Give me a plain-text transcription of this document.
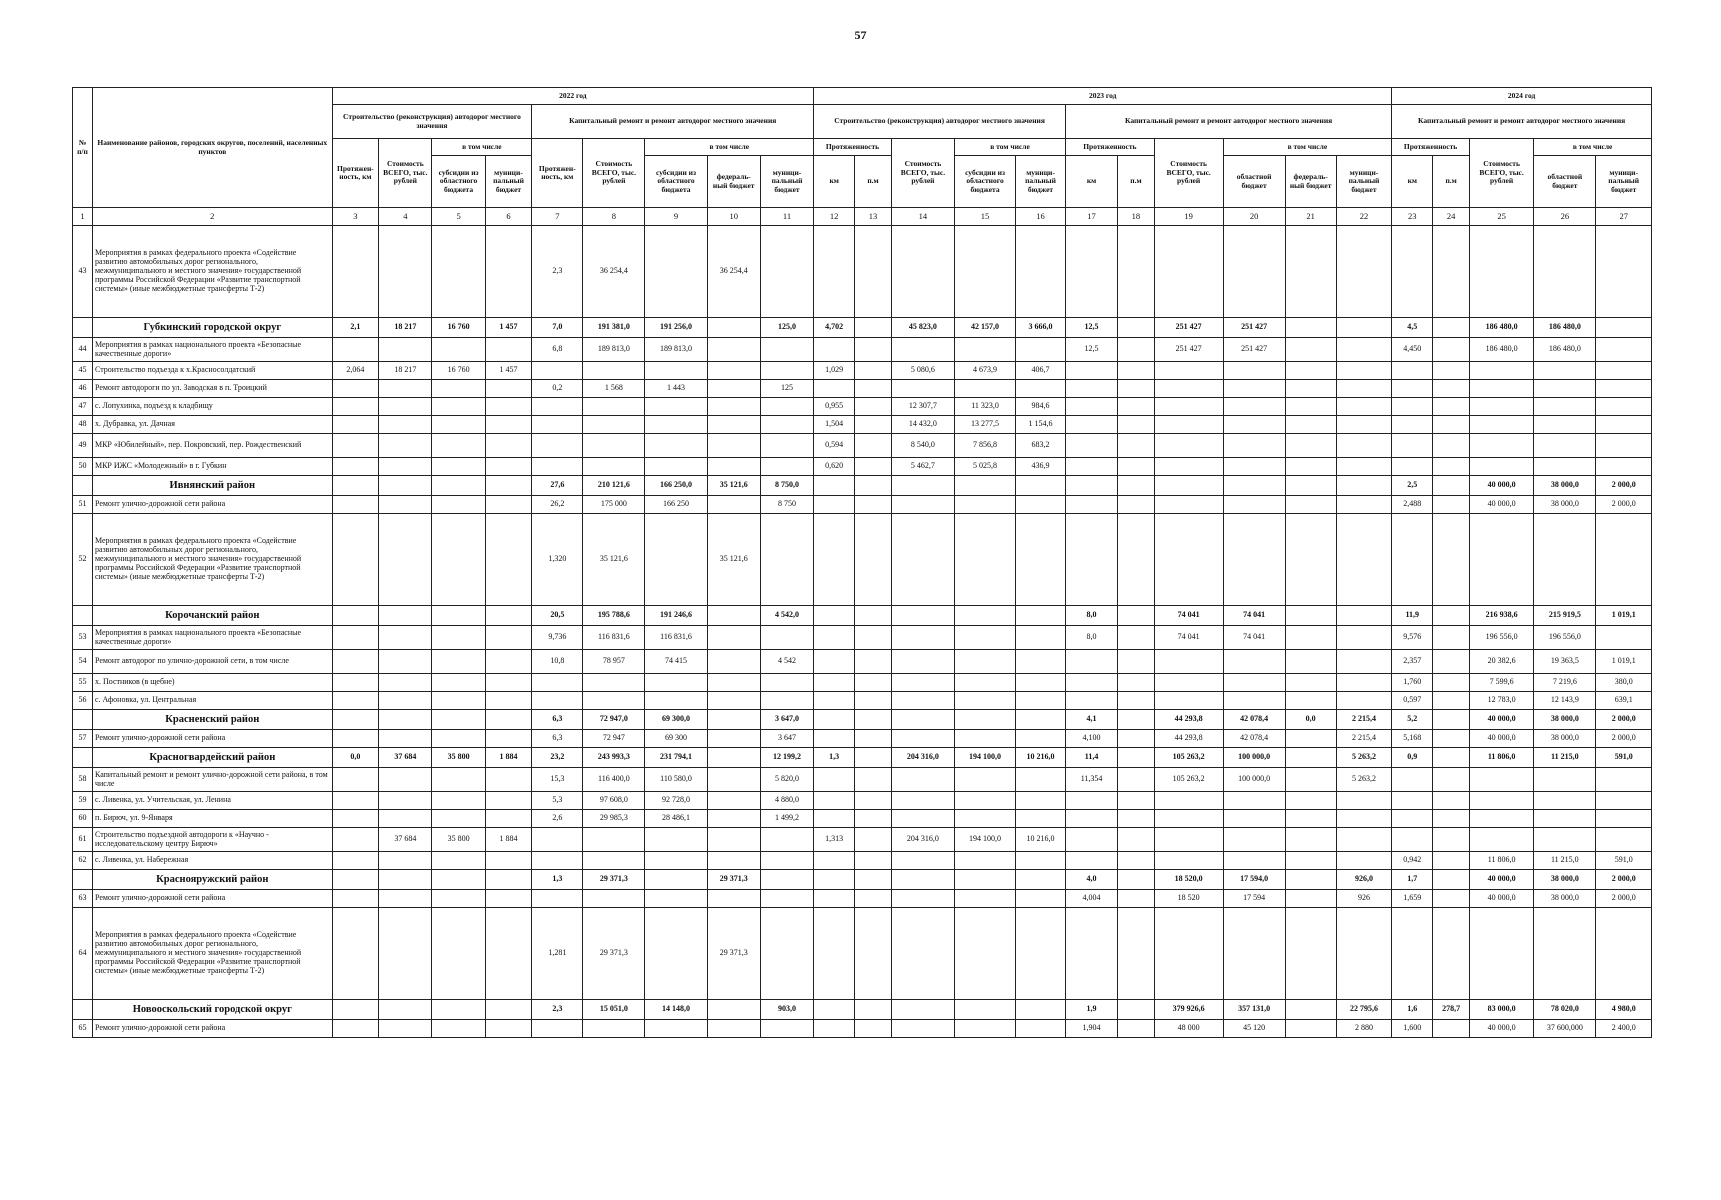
57
№ п/п	Наименование районов, городских округов, поселений, населенных пунктов	2022 год									2023 год											2024 год				
		Строительство (реконструкция) автодорог местного значения				Капитальный ремонт и ремонт автодорог местного значения					Строительство (реконструкция) автодорог местного значения					Капитальный ремонт и ремонт автодорог местного значения						Капитальный ремонт и ремонт автодорог местного значения				
		Протяжен-ность, км	Стоимость ВСЕГО, тыс. рублей	в том числе		Протяжен-ность, км	Стоимость ВСЕГО, тыс. рублей	в том числе			Протяженность		Стоимость ВСЕГО, тыс. рублей	в том числе		Протяженность		Стоимость ВСЕГО, тыс. рублей	в том числе			Протяженность		Стоимость ВСЕГО, тыс. рублей	в том числе	
				субсидии из областного бюджета	муници-пальный бюджет			субсидии из областного бюджета	федераль-ный бюджет	муници-пальный бюджет	км	п.м		субсидии из областного бюджета	муници-пальный бюджет	км	п.м		областной бюджет	федераль-ный бюджет	муници-пальный бюджет	км	п.м		областной бюджет	муници-пальный бюджет
1	2	3	4	5	6	7	8	9	10	11	12	13	14	15	16	17	18	19	20	21	22	23	24	25	26	27
43	Мероприятия в рамках федерального проекта «Содействие развитию автомобильных дорог регионального, межмуниципального и местного значения» государственной программы Российской Федерации «Развитие транспортной системы» (иные межбюджетные трансферты Т-2)					2,3	36 254,4		36 254,4																	
	Губкинский городской округ	2,1	18 217	16 760	1 457	7,0	191 381,0	191 256,0		125,0	4,702		45 823,0	42 157,0	3 666,0	12,5		251 427	251 427			4,5		186 480,0	186 480,0	
44	Мероприятия в рамках национального проекта «Безопасные качественные дороги»					6,8	189 813,0	189 813,0								12,5		251 427	251 427			4,450		186 480,0	186 480,0	
45	Строительство подъезда к х.Красносолдатский	2,064	18 217	16 760	1 457						1,029		5 080,6	4 673,9	406,7											
46	Ремонт автодороги по ул. Заводская в п. Троицкий					0,2	1 568	1 443		125																
47	с. Лопухинка, подъезд к кладбищу										0,955		12 307,7	11 323,0	984,6											
48	х. Дубравка, ул. Дачная										1,504		14 432,0	13 277,5	1 154,6											
49	МКР «Юбилейный», пер. Покровский, пер. Рождественский										0,594		8 540,0	7 856,8	683,2											
50	МКР ИЖС «Молодежный» в г. Губкин										0,620		5 462,7	5 025,8	436,9											
	Ивнянский район					27,6	210 121,6	166 250,0	35 121,6	8 750,0												2,5		40 000,0	38 000,0	2 000,0
51	Ремонт улично-дорожной сети района					26,2	175 000	166 250		8 750												2,488		40 000,0	38 000,0	2 000,0
52	Мероприятия в рамках федерального проекта «Содействие развитию автомобильных дорог регионального, межмуниципального и местного значения» государственной программы Российской Федерации «Развитие транспортной системы» (иные межбюджетные трансферты Т-2)					1,320	35 121,6		35 121,6																	
	Корочанский район					20,5	195 788,6	191 246,6		4 542,0						8,0		74 041	74 041			11,9		216 938,6	215 919,5	1 019,1
53	Мероприятия в рамках национального проекта «Безопасные качественные дороги»					9,736	116 831,6	116 831,6								8,0		74 041	74 041			9,576		196 556,0	196 556,0	
54	Ремонт автодорог по улично-дорожной сети, в том числе					10,8	78 957	74 415		4 542												2,357		20 382,6	19 363,5	1 019,1
55	х. Постников (в щебне)																					1,760		7 599,6	7 219,6	380,0
56	с. Афоновка, ул. Центральная																					0,597		12 783,0	12 143,9	639,1
	Красненский район					6,3	72 947,0	69 300,0		3 647,0						4,1		44 293,8	42 078,4	0,0	2 215,4	5,2		40 000,0	38 000,0	2 000,0
57	Ремонт улично-дорожной сети района					6,3	72 947	69 300		3 647						4,100		44 293,8	42 078,4		2 215,4	5,168		40 000,0	38 000,0	2 000,0
	Красногвардейский район	0,0	37 684	35 800	1 884	23,2	243 993,3	231 794,1		12 199,2	1,3		204 316,0	194 100,0	10 216,0	11,4		105 263,2	100 000,0		5 263,2	0,9		11 806,0	11 215,0	591,0
58	Капитальный ремонт и ремонт улично-дорожной сети района, в том числе					15,3	116 400,0	110 580,0		5 820,0						11,354		105 263,2	100 000,0		5 263,2					
59	с. Ливенка, ул. Учительская, ул. Ленина					5,3	97 608,0	92 728,0		4 880,0																
60	п. Бирюч, ул. 9-Января					2,6	29 985,3	28 486,1		1 499,2																
61	Строительство подъездной автодороги к «Научно - исследовательскому центру Бирюч»		37 684	35 800	1 884						1,313		204 316,0	194 100,0	10 216,0											
62	с. Ливенка, ул. Набережная																					0,942		11 806,0	11 215,0	591,0
	Краснояружский район					1,3	29 371,3		29 371,3							4,0		18 520,0	17 594,0		926,0	1,7		40 000,0	38 000,0	2 000,0
63	Ремонт улично-дорожной сети района															4,004		18 520	17 594		926	1,659		40 000,0	38 000,0	2 000,0
64	Мероприятия в рамках федерального проекта «Содействие развитию автомобильных дорог регионального, межмуниципального и местного значения» государственной программы Российской Федерации «Развитие транспортной системы» (иные межбюджетные трансферты Т-2)					1,281	29 371,3		29 371,3																	
	Новооскольский городской округ					2,3	15 051,0	14 148,0		903,0						1,9		379 926,6	357 131,0		22 795,6	1,6	278,7	83 000,0	78 020,0	4 980,0
65	Ремонт улично-дорожной сети района															1,904		48 000	45 120		2 880	1,600		40 000,0	37 600,000	2 400,0
